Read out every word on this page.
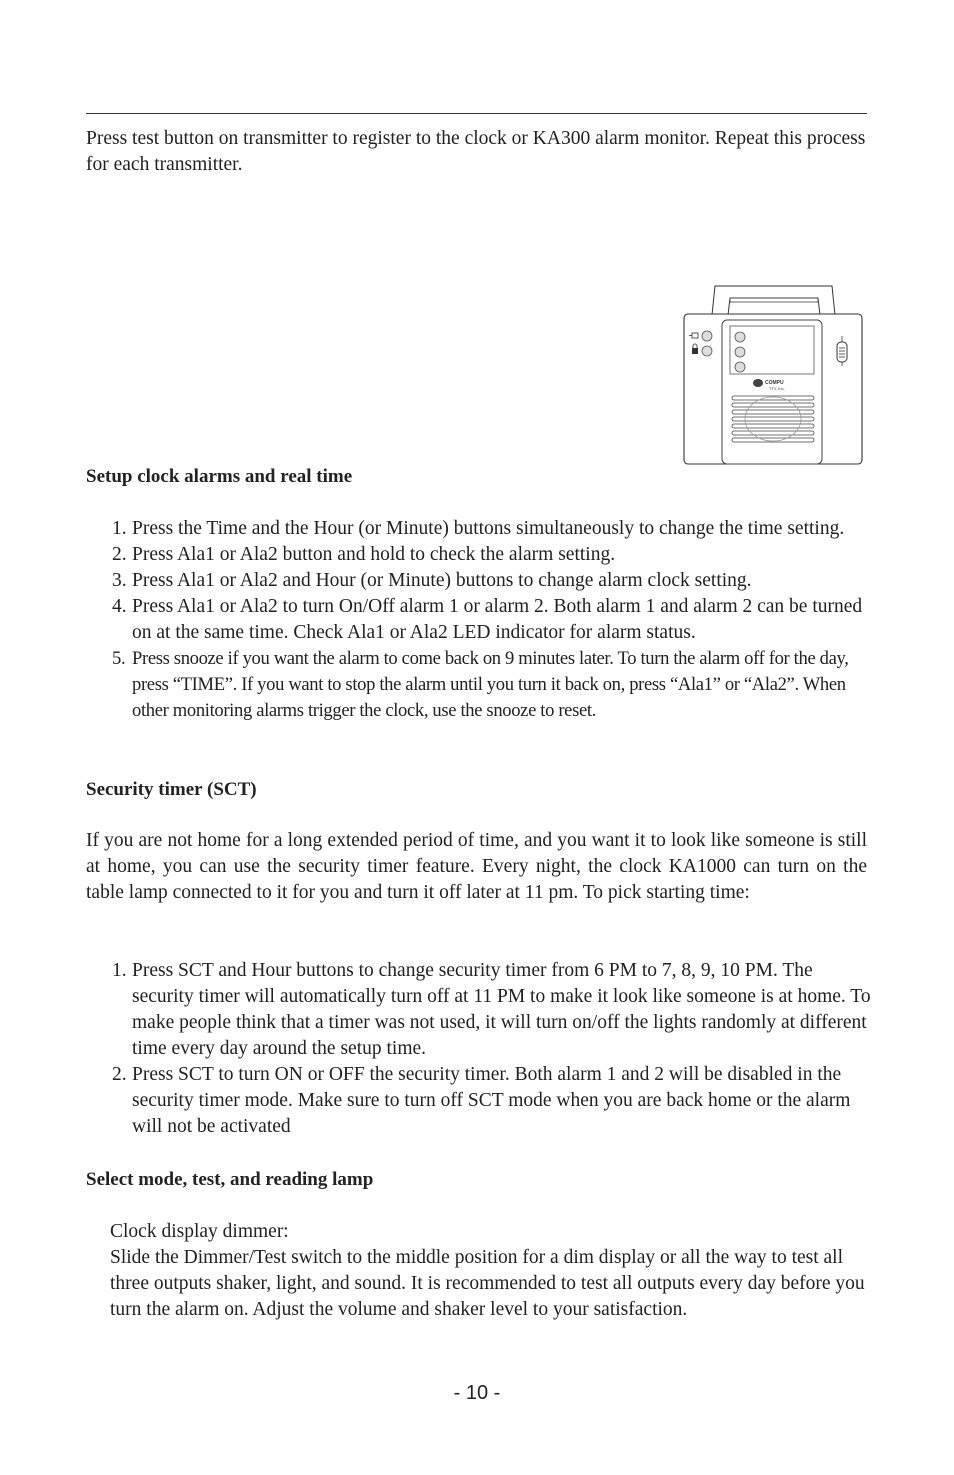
Press test button on transmitter to register to the clock or KA300 alarm monitor. Repeat this process for each transmitter.
COMPU
TTY, Inc.
Setup clock alarms and real time
1. Press the Time and the Hour (or Minute) buttons simultaneously to change the time setting.
2. Press Ala1 or Ala2 button and hold to check the alarm setting.
3. Press Ala1 or Ala2 and Hour (or Minute) buttons to change alarm clock setting.
4. Press Ala1 or Ala2 to turn On/Off alarm 1 or alarm 2. Both alarm 1 and alarm 2 can be turned on at the same time. Check Ala1 or Ala2 LED indicator for alarm status.
5. Press snooze if you want the alarm to come back on 9 minutes later. To turn the alarm off for the day, press “TIME”. If you want to stop the alarm until you turn it back on, press “Ala1” or “Ala2”. When other monitoring alarms trigger the clock, use the snooze to reset.
Security timer (SCT)
If you are not home for a long extended period of time, and you want it to look like someone is still at home, you can use the security timer feature. Every night, the clock KA1000 can turn on the table lamp connected to it for you and turn it off later at 11 pm. To pick starting time:
1. Press SCT and Hour buttons to change security timer from 6 PM to 7, 8, 9, 10 PM. The security timer will automatically turn off at 11 PM to make it look like someone is at home. To make people think that a timer was not used, it will turn on/off the lights randomly at different time every day around the setup time.
2. Press SCT to turn ON or OFF the security timer. Both alarm 1 and 2 will be disabled in the security timer mode. Make sure to turn off SCT mode when you are back home or the alarm will not be activated
Select mode, test, and reading lamp
Clock display dimmer:
Slide the Dimmer/Test switch to the middle position for a dim display or all the way to test all three outputs shaker, light, and sound. It is recommended to test all outputs every day before you turn the alarm on. Adjust the volume and shaker level to your satisfaction.
- 10 -
